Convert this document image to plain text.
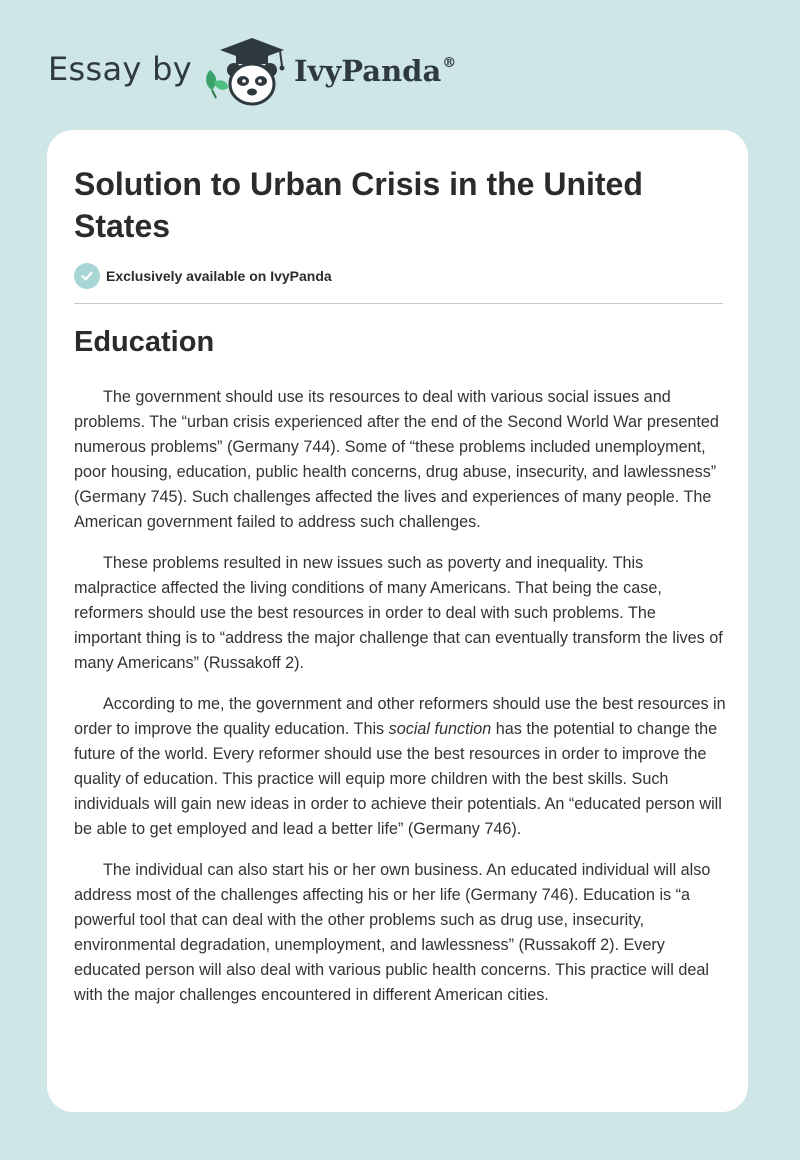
Essay by	IvyPanda®
Solution to Urban Crisis in the United States
Exclusively available on IvyPanda
Education

The government should use its resources to deal with various social issues and problems. The “urban crisis experienced after the end of the Second World War presented numerous problems” (Germany 744). Some of “these problems included unemployment, poor housing, education, public health concerns, drug abuse, insecurity, and lawlessness” (Germany 745). Such challenges affected the lives and experiences of many people. The American government failed to address such challenges.

These problems resulted in new issues such as poverty and inequality. This malpractice affected the living conditions of many Americans. That being the case, reformers should use the best resources in order to deal with such problems. The important thing is to “address the major challenge that can eventually transform the lives of many Americans” (Russakoff 2).

According to me, the government and other reformers should use the best resources in order to improve the quality education. This social function has the potential to change the future of the world. Every reformer should use the best resources in order to improve the quality of education. This practice will equip more children with the best skills. Such individuals will gain new ideas in order to achieve their potentials. An “educated person will be able to get employed and lead a better life” (Germany 746).

The individual can also start his or her own business. An educated individual will also address most of the challenges affecting his or her life (Germany 746). Education is “a powerful tool that can deal with the other problems such as drug use, insecurity, environmental degradation, unemployment, and lawlessness” (Russakoff 2). Every educated person will also deal with various public health concerns. This practice will deal with the major challenges encountered in different American cities.
